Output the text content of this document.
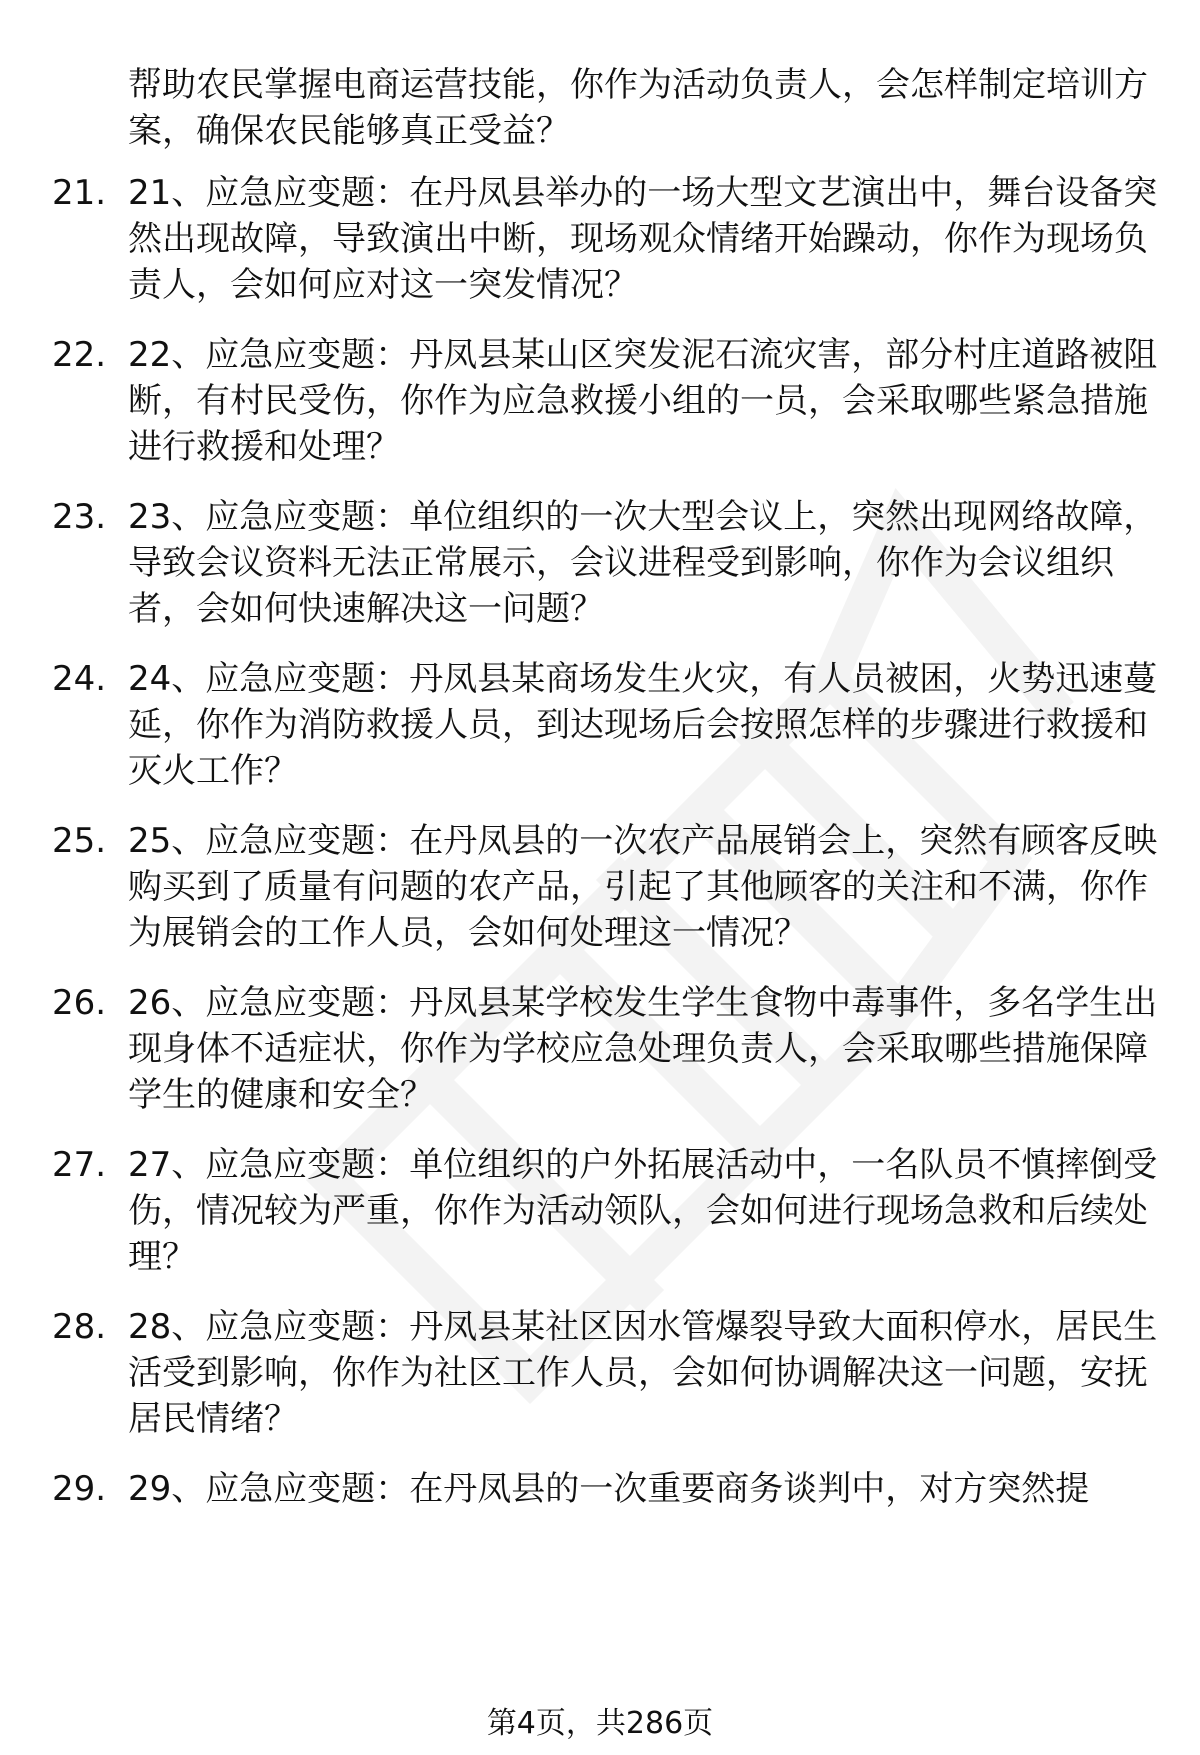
帮助农民掌握电商运营技能，你作为活动负责人，会怎样制定培训方案，确保农民能够真正受益？

21. 21、应急应变题：在丹凤县举办的一场大型文艺演出中，舞台设备突然出现故障，导致演出中断，现场观众情绪开始躁动，你作为现场负责人，会如何应对这一突发情况？

22. 22、应急应变题：丹凤县某山区突发泥石流灾害，部分村庄道路被阻断，有村民受伤，你作为应急救援小组的一员，会采取哪些紧急措施进行救援和处理？

23. 23、应急应变题：单位组织的一次大型会议上，突然出现网络故障，导致会议资料无法正常展示，会议进程受到影响，你作为会议组织者，会如何快速解决这一问题？

24. 24、应急应变题：丹凤县某商场发生火灾，有人员被困，火势迅速蔓延，你作为消防救援人员，到达现场后会按照怎样的步骤进行救援和灭火工作？

25. 25、应急应变题：在丹凤县的一次农产品展销会上，突然有顾客反映购买到了质量有问题的农产品，引起了其他顾客的关注和不满，你作为展销会的工作人员，会如何处理这一情况？

26. 26、应急应变题：丹凤县某学校发生学生食物中毒事件，多名学生出现身体不适症状，你作为学校应急处理负责人，会采取哪些措施保障学生的健康和安全？

27. 27、应急应变题：单位组织的户外拓展活动中，一名队员不慎摔倒受伤，情况较为严重，你作为活动领队，会如何进行现场急救和后续处理？

28. 28、应急应变题：丹凤县某社区因水管爆裂导致大面积停水，居民生活受到影响，你作为社区工作人员，会如何协调解决这一问题，安抚居民情绪？

29. 29、应急应变题：在丹凤县的一次重要商务谈判中，对方突然提

第4页，共286页
